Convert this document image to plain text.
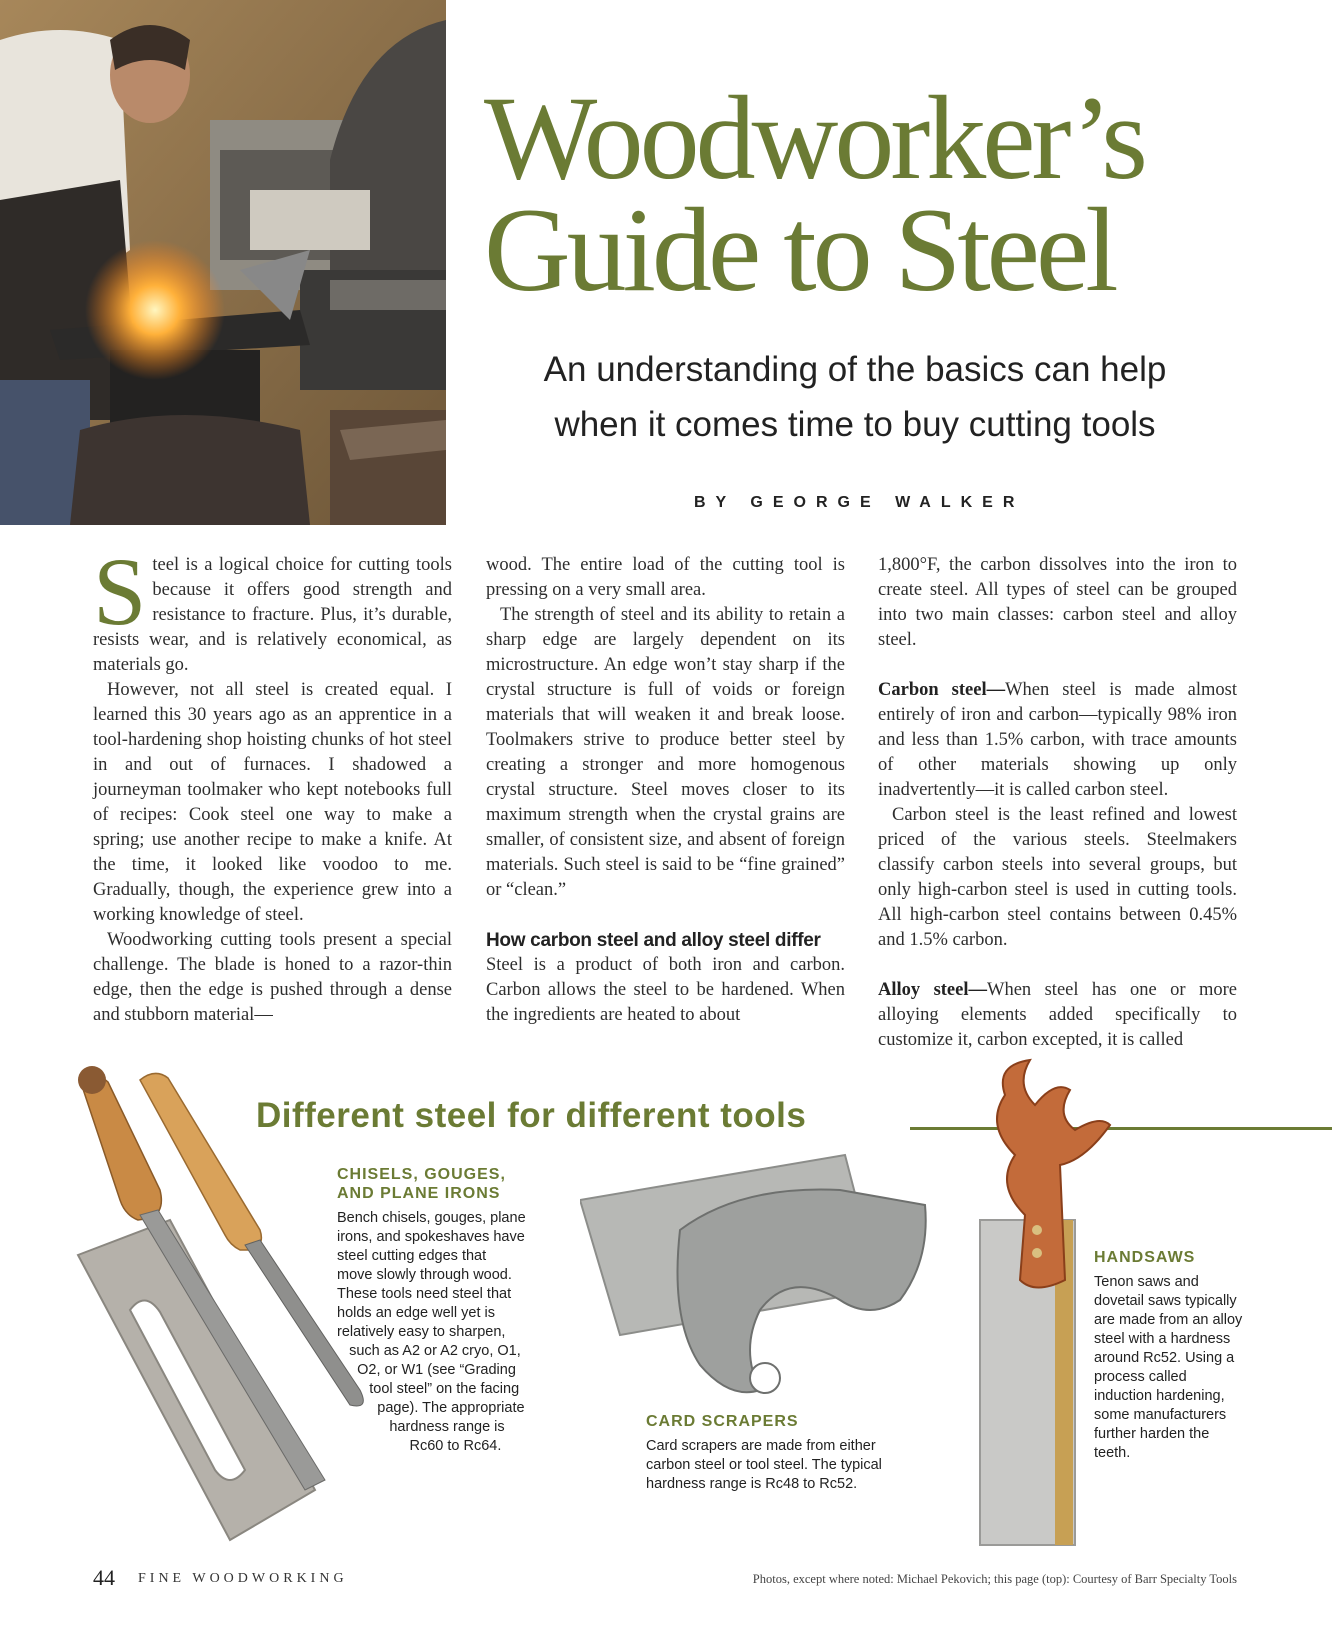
Woodworker’s
Guide to Steel
An understanding of the basics can help
when it comes time to buy cutting tools

BY GEORGE WALKER

Steel is a logical choice for cutting tools because it offers good strength and resistance to fracture. Plus, it’s durable, resists wear, and is relatively economical, as materials go.

However, not all steel is created equal. I learned this 30 years ago as an apprentice in a tool-hardening shop hoisting chunks of hot steel in and out of furnaces. I shadowed a journeyman toolmaker who kept notebooks full of recipes: Cook steel one way to make a spring; use another recipe to make a knife. At the time, it looked like voodoo to me. Gradually, though, the experience grew into a working knowledge of steel.

Woodworking cutting tools present a special challenge. The blade is honed to a razor-thin edge, then the edge is pushed through a dense and stubborn material—

wood. The entire load of the cutting tool is pressing on a very small area.

The strength of steel and its ability to retain a sharp edge are largely dependent on its microstructure. An edge won’t stay sharp if the crystal structure is full of voids or foreign materials that will weaken it and break loose. Toolmakers strive to produce better steel by creating a stronger and more homogenous crystal structure. Steel moves closer to its maximum strength when the crystal grains are smaller, of consistent size, and absent of foreign materials. Such steel is said to be “fine grained” or “clean.”

How carbon steel and alloy steel differ

Steel is a product of both iron and carbon. Carbon allows the steel to be hardened. When the ingredients are heated to about

1,800°F, the carbon dissolves into the iron to create steel. All types of steel can be grouped into two main classes: carbon steel and alloy steel.

Carbon steel—When steel is made almost entirely of iron and carbon—typically 98% iron and less than 1.5% carbon, with trace amounts of other materials showing up only inadvertently—it is called carbon steel.

Carbon steel is the least refined and lowest priced of the various steels. Steelmakers classify carbon steels into several groups, but only high-carbon steel is used in cutting tools. All high-carbon steel contains between 0.45% and 1.5% carbon.

Alloy steel—When steel has one or more alloying elements added specifically to customize it, carbon excepted, it is called

Different steel for different tools
CHISELS, GOUGES,
AND PLANE IRONS

Bench chisels, gouges, plane
irons, and spokeshaves have
steel cutting edges that
move slowly through wood.
These tools need steel that
holds an edge well yet is
relatively easy to sharpen,
such as A2 or A2 cryo, O1,
O2, or W1 (see “Grading
tool steel” on the facing
page). The appropriate
hardness range is
Rc60 to Rc64.

CARD SCRAPERS

Card scrapers are made from either carbon steel or tool steel. The typical hardness range is Rc48 to Rc52.

HANDSAWS

Tenon saws and dovetail saws typically are made from an alloy steel with a hardness around Rc52. Using a process called induction hardening, some manufacturers further harden the teeth.

44 FINE WOODWORKING	Photos, except where noted: Michael Pekovich; this page (top): Courtesy of Barr Specialty Tools
